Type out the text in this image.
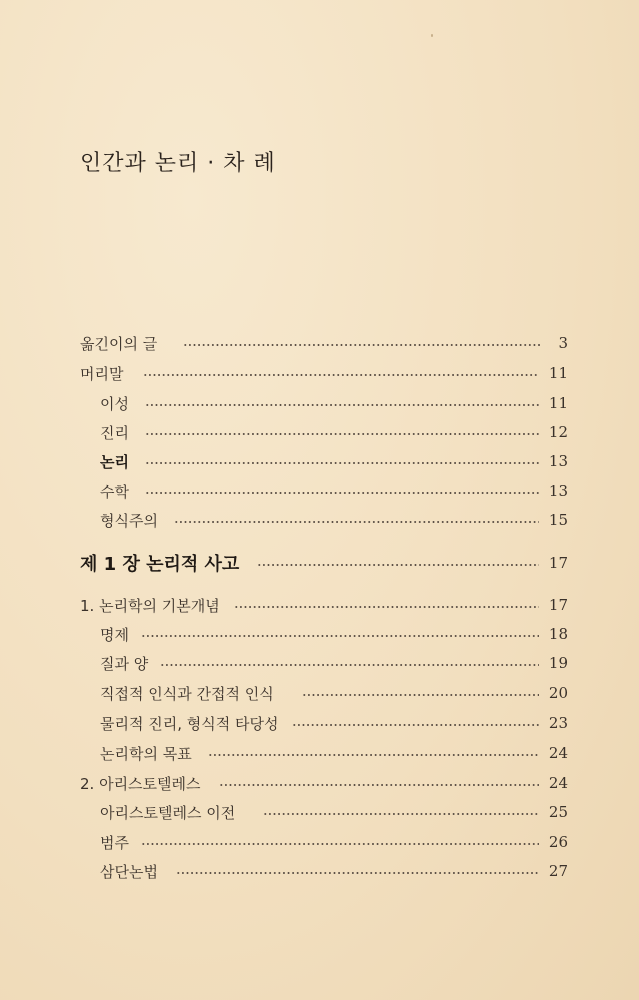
인간과 논리 · 차 례
옮긴이의 글	3
머리말	11
이성	11
진리	12
논리	13
수학	13
형식주의	15
제 1 장 논리적 사고	17
1. 논리학의 기본개념	17
명제	18
질과 양	19
직접적 인식과 간접적 인식	20
물리적 진리, 형식적 타당성	23
논리학의 목표	24
2. 아리스토텔레스	24
아리스토텔레스 이전	25
범주	26
삼단논법	27
